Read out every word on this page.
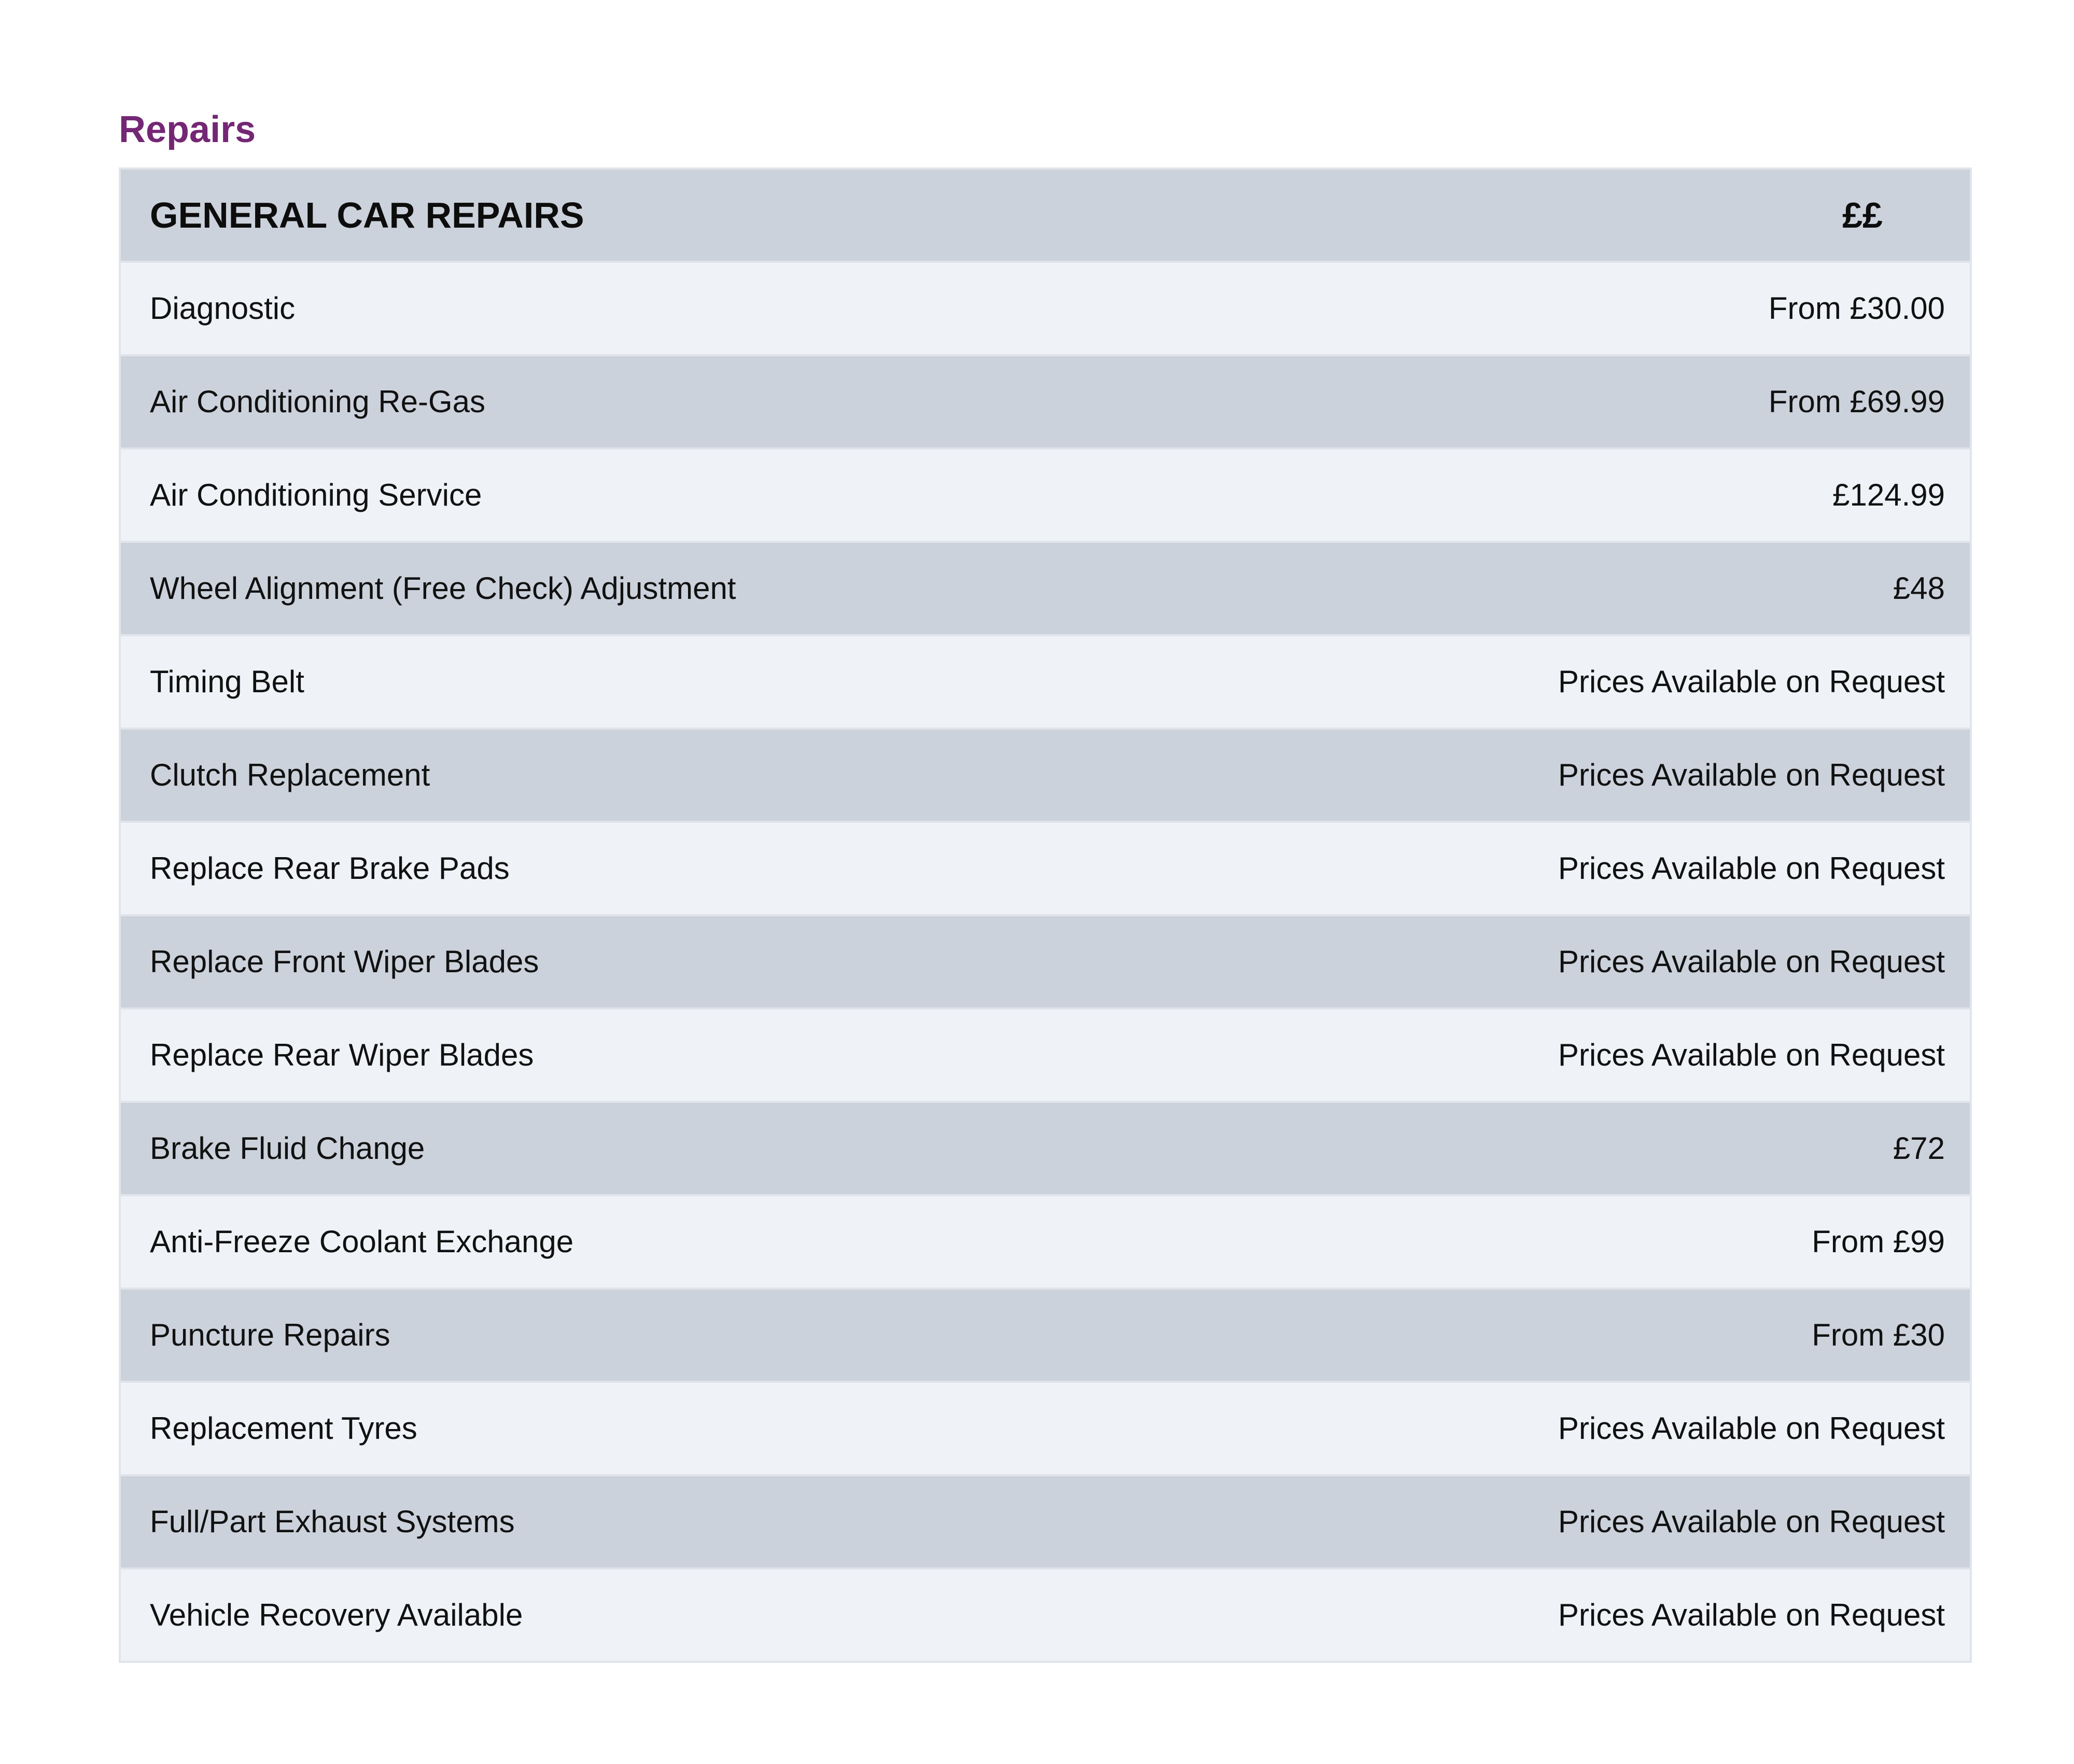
Repairs
GENERAL CAR REPAIRS	££
Diagnostic	From £30.00
Air Conditioning Re-Gas	From £69.99
Air Conditioning Service	£124.99
Wheel Alignment (Free Check) Adjustment	£48
Timing Belt	Prices Available on Request
Clutch Replacement	Prices Available on Request
Replace Rear Brake Pads	Prices Available on Request
Replace Front Wiper Blades	Prices Available on Request
Replace Rear Wiper Blades	Prices Available on Request
Brake Fluid Change	£72
Anti-Freeze Coolant Exchange	From £99
Puncture Repairs	From £30
Replacement Tyres	Prices Available on Request
Full/Part Exhaust Systems	Prices Available on Request
Vehicle Recovery Available	Prices Available on Request
